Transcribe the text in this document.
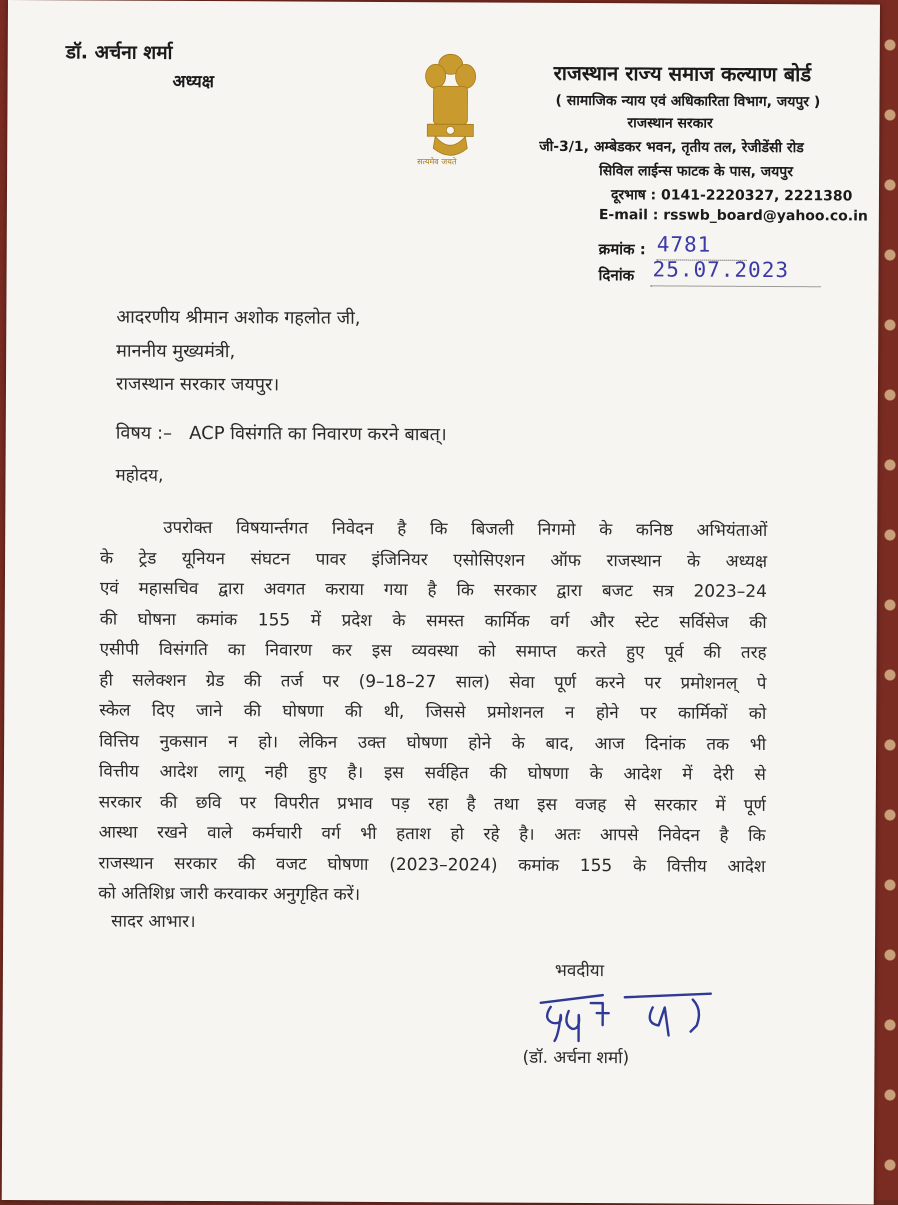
डॉ. अर्चना शर्मा
अध्यक्ष
सत्यमेव जयते
राजस्थान राज्य समाज कल्याण बोर्ड
( सामाजिक न्याय एवं अधिकारिता विभाग, जयपुर )
राजस्थान सरकार
जी-3/1, अम्बेडकर भवन, तृतीय तल, रेजीडेंसी रोड
सिविल लाईन्स फाटक के पास, जयपुर
दूरभाष : 0141-2220327, 2221380
E-mail : rsswb_board@yahoo.co.in
क्रमांक : 4781
दिनांक 25.07.2023
आदरणीय श्रीमान अशोक गहलोत जी,
माननीय मुख्यमंत्री,
राजस्थान सरकार जयपुर।
विषय :–   ACP विसंगति का निवारण करने बाबत्।
महोदय,
उपरोक्त विषयार्न्तगत निवेदन है कि बिजली निगमो के कनिष्ठ अभियंताओं
के ट्रेड यूनियन संघटन पावर इंजिनियर एसोसिएशन ऑफ राजस्थान के अध्यक्ष
एवं महासचिव द्वारा अवगत कराया गया है कि सरकार द्वारा बजट सत्र 2023–24
की घोषना कमांक 155 में प्रदेश के समस्त कार्मिक वर्ग और स्टेट सर्विसेज की
एसीपी विसंगति का निवारण कर इस व्यवस्था को समाप्त करते हुए पूर्व की तरह
ही सलेक्शन ग्रेड की तर्ज पर (9–18–27 साल) सेवा पूर्ण करने पर प्रमोशनल् पे
स्केल दिए जाने की घोषणा की थी, जिससे प्रमोशनल न होने पर कार्मिकों को
वित्तिय नुकसान न हो। लेकिन उक्त घोषणा होने के बाद, आज दिनांक तक भी
वित्तीय आदेश लागू नही हुए है। इस सर्वहित की घोषणा के आदेश में देरी से
सरकार की छवि पर विपरीत प्रभाव पड़ रहा है तथा इस वजह से सरकार में पूर्ण
आस्था रखने वाले कर्मचारी वर्ग भी हताश हो रहे है। अतः आपसे निवेदन है कि
राजस्थान सरकार की वजट घोषणा (2023–2024) कमांक 155 के वित्तीय आदेश
को अतिशिध्र जारी करवाकर अनुगृहित करें।
सादर आभार।
भवदीया
(डॉ. अर्चना शर्मा)
